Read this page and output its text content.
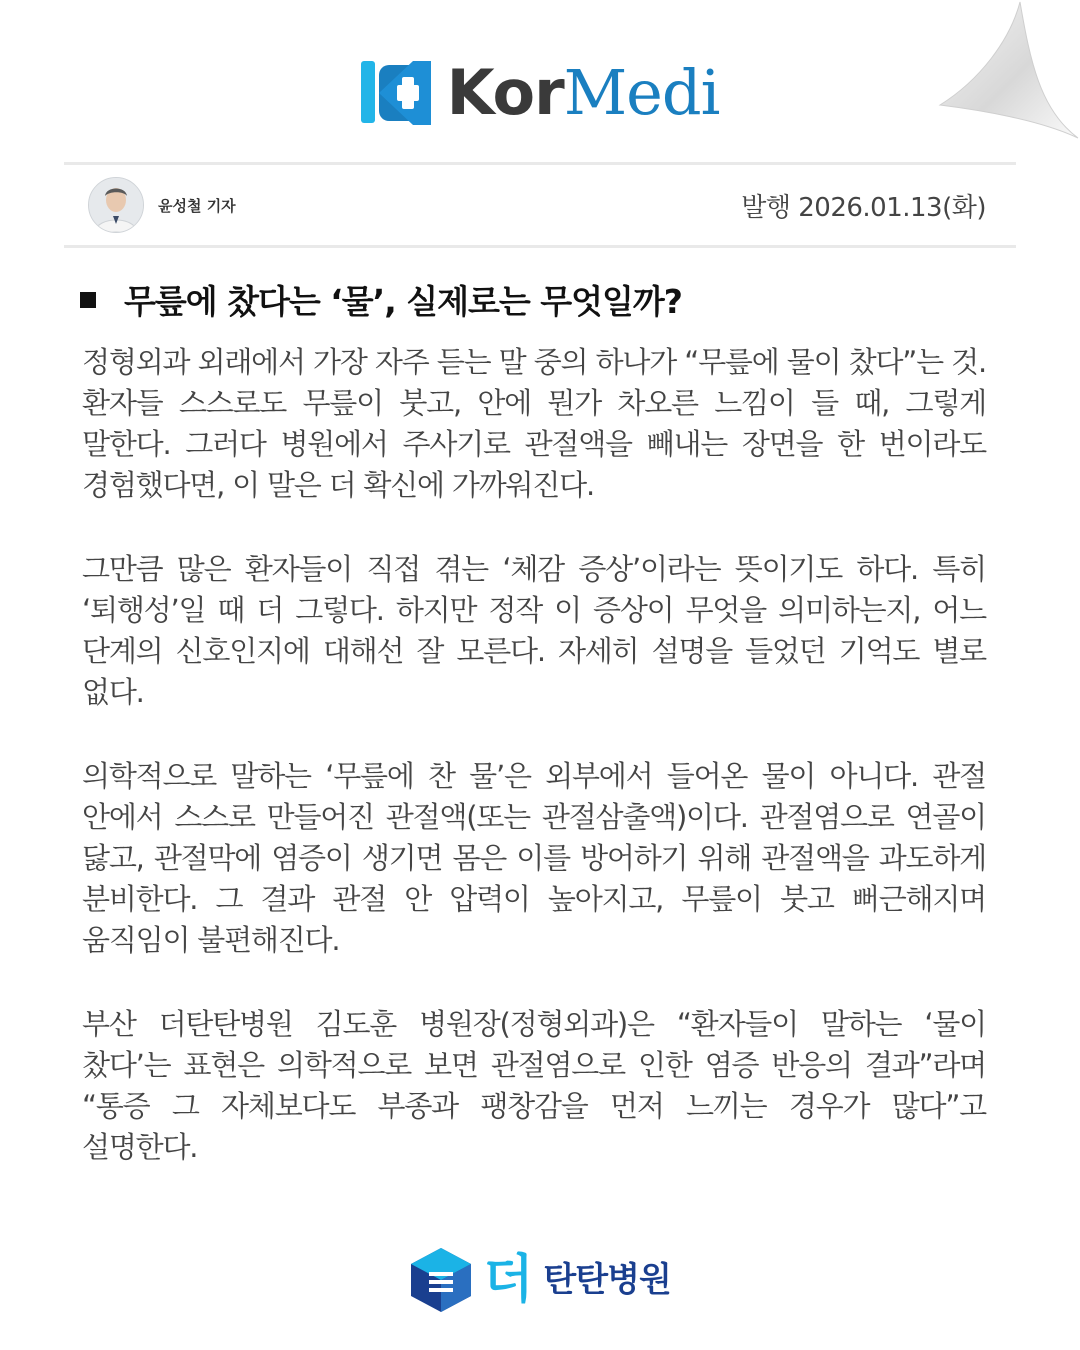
KorMedi
윤성철 기자	발행 2026.01.13(화)
무릎에 찼다는 ‘물’, 실제로는 무엇일까?

정형외과 외래에서 가장 자주 듣는 말 중의 하나가 “무릎에 물이 찼다”는 것. 환자들 스스로도 무릎이 붓고, 안에 뭔가 차오른 느낌이 들 때, 그렇게 말한다. 그러다 병원에서 주사기로 관절액을 빼내는 장면을 한 번이라도 경험했다면, 이 말은 더 확신에 가까워진다.

그만큼 많은 환자들이 직접 겪는 ‘체감 증상’이라는 뜻이기도 하다. 특히 ‘퇴행성’일 때 더 그렇다. 하지만 정작 이 증상이 무엇을 의미하는지, 어느 단계의 신호인지에 대해선 잘 모른다. 자세히 설명을 들었던 기억도 별로 없다.

의학적으로 말하는 ‘무릎에 찬 물’은 외부에서 들어온 물이 아니다. 관절 안에서 스스로 만들어진 관절액(또는 관절삼출액)이다. 관절염으로 연골이 닳고, 관절막에 염증이 생기면 몸은 이를 방어하기 위해 관절액을 과도하게 분비한다. 그 결과 관절 안 압력이 높아지고, 무릎이 붓고 뻐근해지며 움직임이 불편해진다.

부산 더탄탄병원 김도훈 병원장(정형외과)은 “환자들이 말하는 ‘물이 찼다’는 표현은 의학적으로 보면 관절염으로 인한 염증 반응의 결과”라며 “통증 그 자체보다도 부종과 팽창감을 먼저 느끼는 경우가 많다”고 설명한다.

더 탄탄병원
